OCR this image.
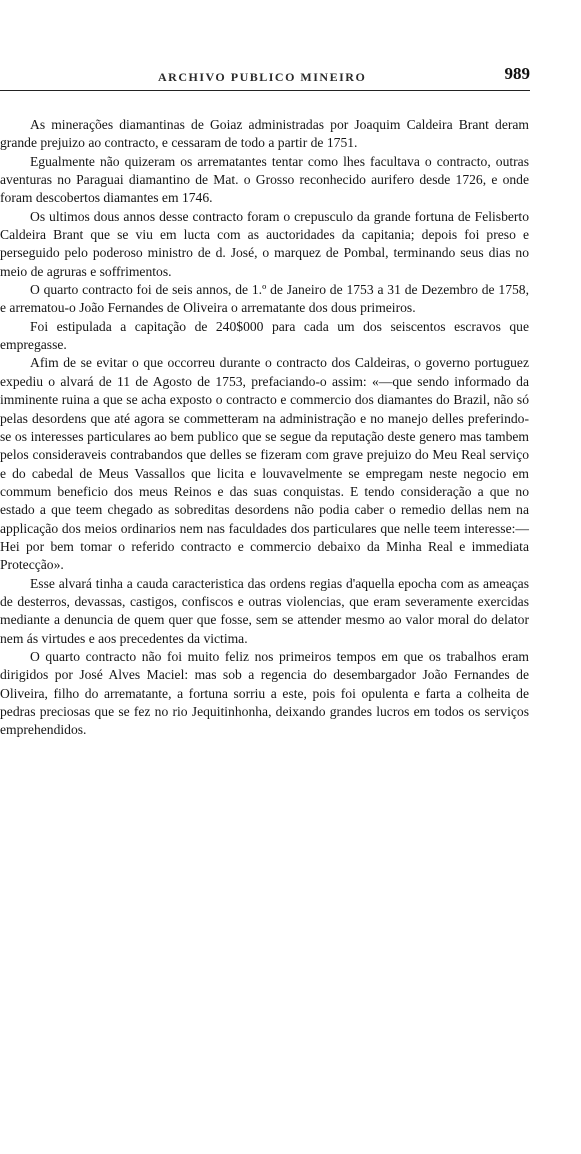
ARCHIVO PUBLICO MINEIRO	989

As minerações diamantinas de Goiaz administradas por Joaquim Caldeira Brant deram grande prejuizo ao contracto, e cessaram de todo a partir de 1751.

Egualmente não quizeram os arrematantes tentar como lhes facultava o contracto, outras aventuras no Paraguai diamantino de Mat. o Grosso reconhecido aurifero desde 1726, e onde foram descobertos diamantes em 1746.

Os ultimos dous annos desse contracto foram o crepusculo da grande fortuna de Felisberto Caldeira Brant que se viu em lucta com as auctoridades da capitania; depois foi preso e perseguido pelo poderoso ministro de d. José, o marquez de Pombal, terminando seus dias no meio de agruras e soffrimentos.

O quarto contracto foi de seis annos, de 1.º de Janeiro de 1753 a 31 de Dezembro de 1758, e arrematou-o João Fernandes de Oliveira o arrematante dos dous primeiros.

Foi estipulada a capitação de 240$000 para cada um dos seiscentos escravos que empregasse.

Afim de se evitar o que occorreu durante o contracto dos Caldeiras, o governo portuguez expediu o alvará de 11 de Agosto de 1753, prefaciando-o assim: «—que sendo informado da imminente ruina a que se acha exposto o contracto e commercio dos diamantes do Brazil, não só pelas desordens que até agora se commetteram na administração e no manejo delles preferindo-se os interesses particulares ao bem publico que se segue da reputação deste genero mas tambem pelos consideraveis contrabandos que delles se fizeram com grave prejuizo do Meu Real serviço e do cabedal de Meus Vassallos que licita e louvavelmente se empregam neste negocio em commum beneficio dos meus Reinos e das suas conquistas. E tendo consideração a que no estado a que teem chegado as sobreditas desordens não podia caber o remedio dellas nem na applicação dos meios ordinarios nem nas faculdades dos particulares que nelle teem interesse:— Hei por bem tomar o referido contracto e commercio debaixo da Minha Real e immediata Protecção».

Esse alvará tinha a cauda caracteristica das ordens regias d'aquella epocha com as ameaças de desterros, devassas, castigos, confiscos e outras violencias, que eram severamente exercidas mediante a denuncia de quem quer que fosse, sem se attender mesmo ao valor moral do delator nem ás virtudes e aos precedentes da victima.

O quarto contracto não foi muito feliz nos primeiros tempos em que os trabalhos eram dirigidos por José Alves Maciel: mas sob a regencia do desembargador João Fernandes de Oliveira, filho do arrematante, a fortuna sorriu a este, pois foi opulenta e farta a colheita de pedras preciosas que se fez no rio Jequitinhonha, deixando grandes lucros em todos os serviços emprehendidos.
